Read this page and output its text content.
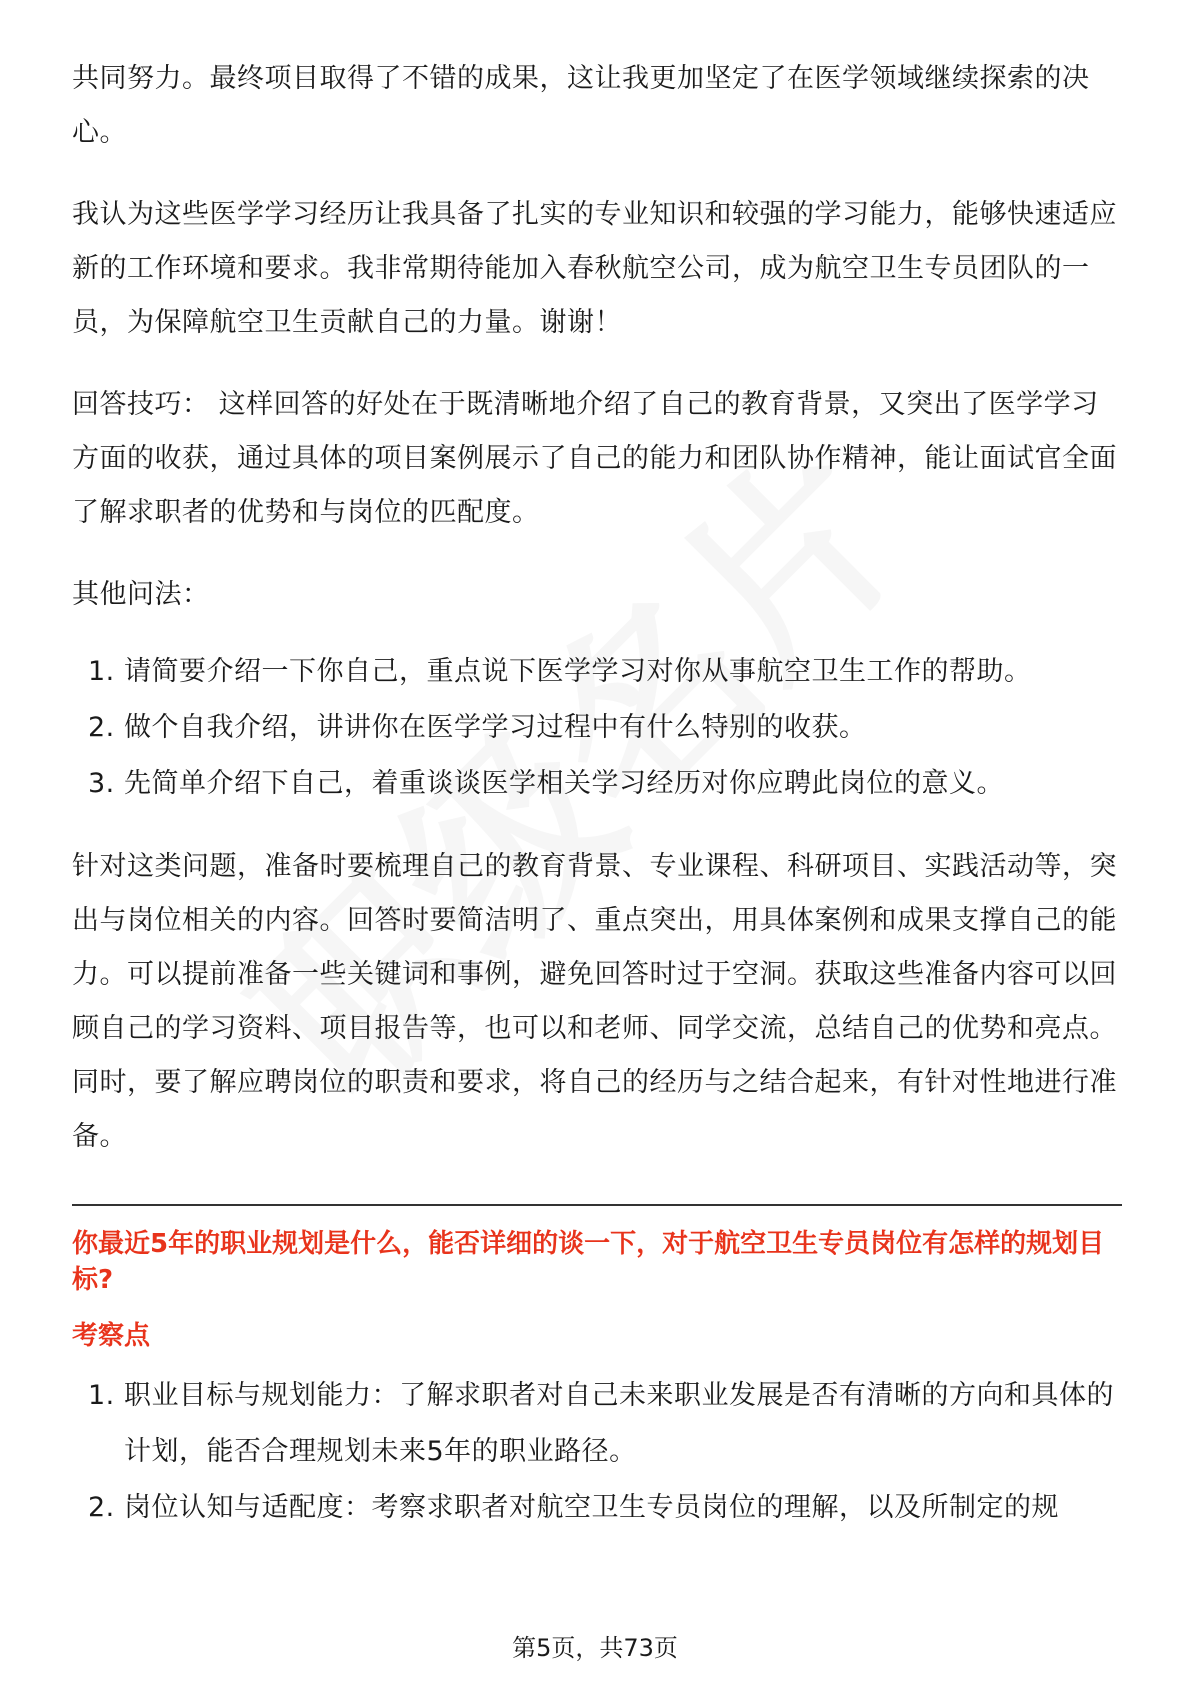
共同努力。最终项目取得了不错的成果，这让我更加坚定了在医学领域继续探索的决心。

我认为这些医学学习经历让我具备了扎实的专业知识和较强的学习能力，能够快速适应新的工作环境和要求。我非常期待能加入春秋航空公司，成为航空卫生专员团队的一员，为保障航空卫生贡献自己的力量。谢谢！

回答技巧： 这样回答的好处在于既清晰地介绍了自己的教育背景，又突出了医学学习方面的收获，通过具体的项目案例展示了自己的能力和团队协作精神，能让面试官全面了解求职者的优势和与岗位的匹配度。

其他问法：

1. 请简要介绍一下你自己，重点说下医学学习对你从事航空卫生工作的帮助。
2. 做个自我介绍，讲讲你在医学学习过程中有什么特别的收获。
3. 先简单介绍下自己，着重谈谈医学相关学习经历对你应聘此岗位的意义。

针对这类问题，准备时要梳理自己的教育背景、专业课程、科研项目、实践活动等，突出与岗位相关的内容。回答时要简洁明了、重点突出，用具体案例和成果支撑自己的能力。可以提前准备一些关键词和事例，避免回答时过于空洞。获取这些准备内容可以回顾自己的学习资料、项目报告等，也可以和老师、同学交流，总结自己的优势和亮点。同时，要了解应聘岗位的职责和要求，将自己的经历与之结合起来，有针对性地进行准备。

你最近5年的职业规划是什么，能否详细的谈一下，对于航空卫生专员岗位有怎样的规划目标?

考察点

1. 职业目标与规划能力：了解求职者对自己未来职业发展是否有清晰的方向和具体的计划，能否合理规划未来5年的职业路径。
2. 岗位认知与适配度：考察求职者对航空卫生专员岗位的理解，以及所制定的规
第5页，共73页
